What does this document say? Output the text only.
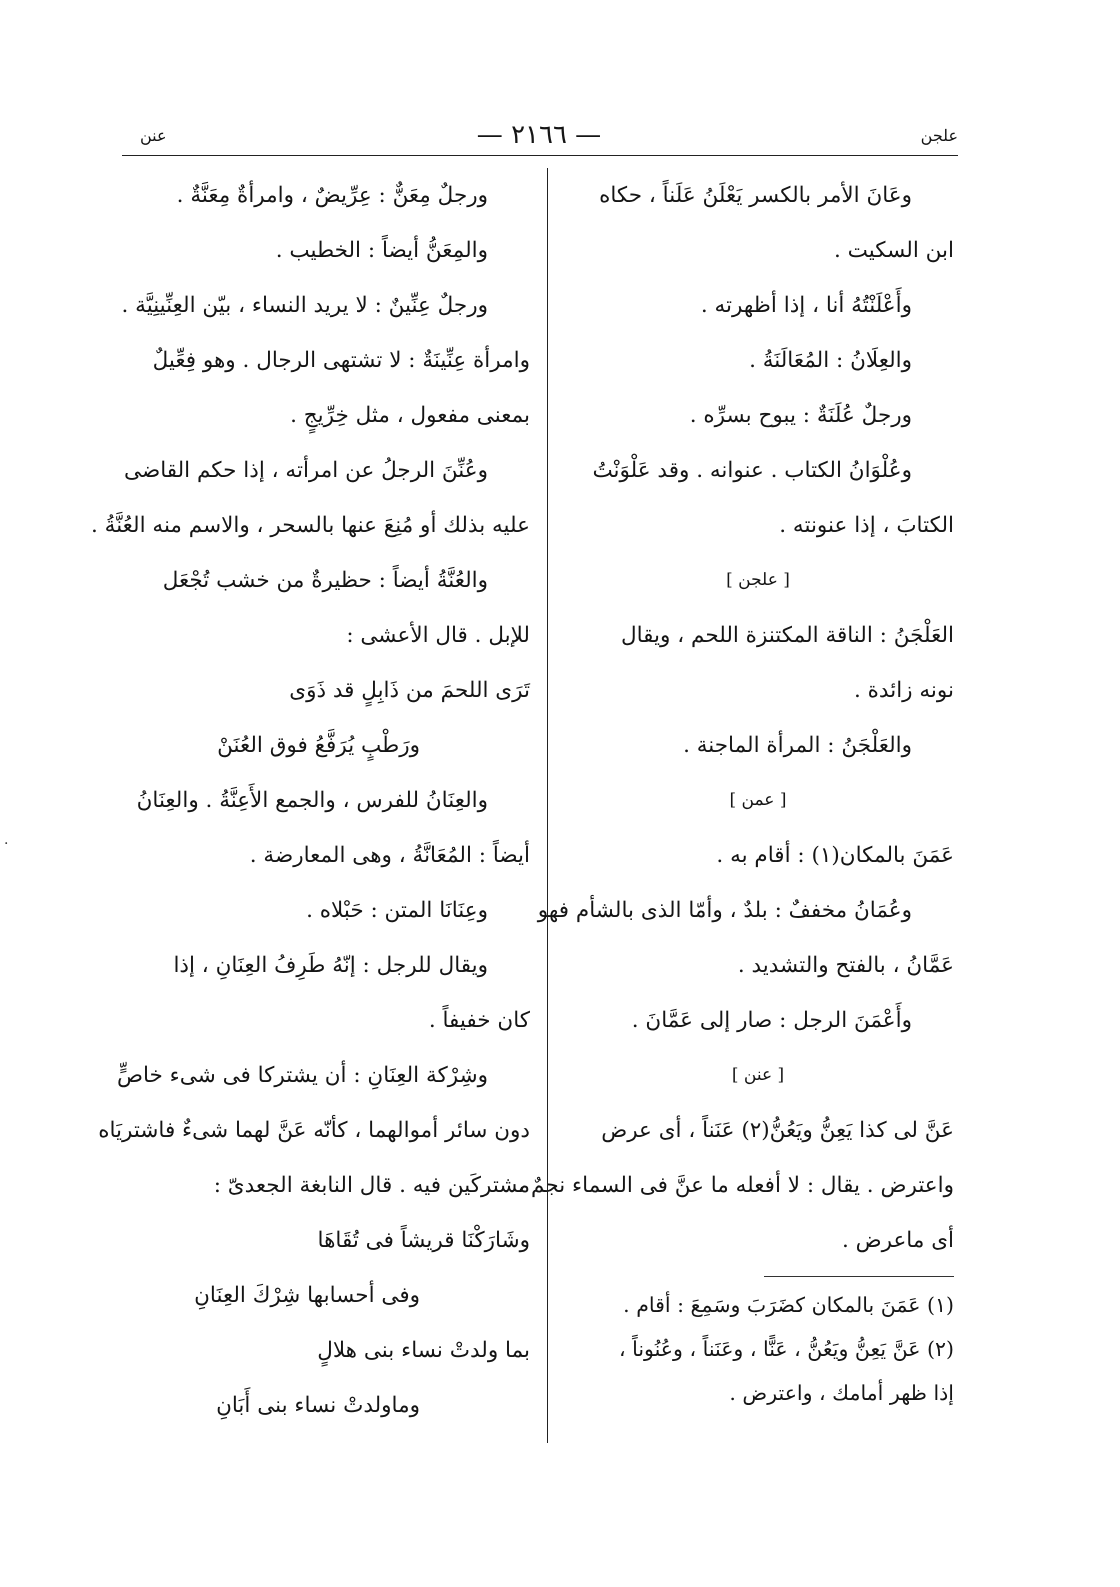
علجن
— ٢١٦٦ —
عنن
وعَانَ الأمر بالكسر يَعْلَنُ عَلَناً ، حكاه
ابن السكيت .
وأَعْلَنْتُهُ أنا ، إذا أظهرته .
والعِلَانُ : المُعَالَنَةُ .
ورجلٌ عُلَنَةٌ : يبوح بسرِّه .
وعُلْوَانُ الكتاب . عنوانه . وقد عَلْوَنْتُ
الكتابَ ، إذا عنونته .
[ علجن ]
العَلْجَنُ : الناقة المكتنزة اللحم ، ويقال
نونه زائدة .
والعَلْجَنُ : المرأة الماجنة .
[ عمن ]
عَمَنَ بالمكان(١) : أقام به .
وعُمَانُ مخففٌ : بلدٌ ، وأمّا الذى بالشأم فهو
عَمَّانُ ، بالفتح والتشديد .
وأَعْمَنَ الرجل : صار إلى عَمَّانَ .
[ عنن ]
عَنَّ لى كذا يَعِنُّ ويَعُنُّ(٢) عَنَناً ، أى عرض
واعترض . يقال : لا أفعله ما عنَّ فى السماء نجمٌ ،
أى ماعرض .
(١) عَمَنَ بالمكان كضَرَبَ وسَمِعَ : أقام .
(٢) عَنَّ يَعِنُّ ويَعُنُّ ، عَنًّا ، وعَنَناً ، وعُنُوناً ،
إذا ظهر أمامك ، واعترض .
ورجلٌ مِعَنٌّ : عِرِّيضٌ ، وامرأةٌ مِعَنَّةٌ .
والمِعَنُّ أيضاً : الخطيب .
ورجلٌ عِنِّينٌ : لا يريد النساء ، بيّن العِنِّينِيَّة .
وامرأة عِنِّينَةٌ : لا تشتهى الرجال . وهو فِعِّيلٌ
بمعنى مفعول ، مثل خِرِّيجٍ .
وعُنِّنَ الرجلُ عن امرأته ، إذا حكم القاضى
عليه بذلك أو مُنِعَ عنها بالسحر ، والاسم منه العُنَّةُ .
والعُنَّةُ أيضاً : حظيرةٌ من خشب تُجْعَل
للإبل . قال الأعشى :
تَرَى اللحمَ من ذَابِلٍ قد ذَوَى
ورَطْبٍ يُرَفَّعُ فوق العُنَنْ
والعِنَانُ للفرس ، والجمع الأَعِنَّةُ . والعِنَانُ
أيضاً : المُعَانَّةُ ، وهى المعارضة .
وعِنَانَا المتن : حَبْلاه .
ويقال للرجل : إنّهُ طَرِفُ العِنَانِ ، إذا
كان خفيفاً .
وشِرْكة العِنَانِ : أن يشتركا فى شىء خاصٍّ
دون سائر أموالهما ، كأنّه عَنَّ لهما شىءٌ فاشتريَاه
مشتركَين فيه . قال النابغة الجعدىّ :
وشَارَكْنَا قريشاً فى تُقَاهَا
وفى أحسابها شِرْكَ العِنَانِ
بما ولدتْ نساء بنى هلالٍ
وماولدتْ نساء بنى أَبَانِ
·
